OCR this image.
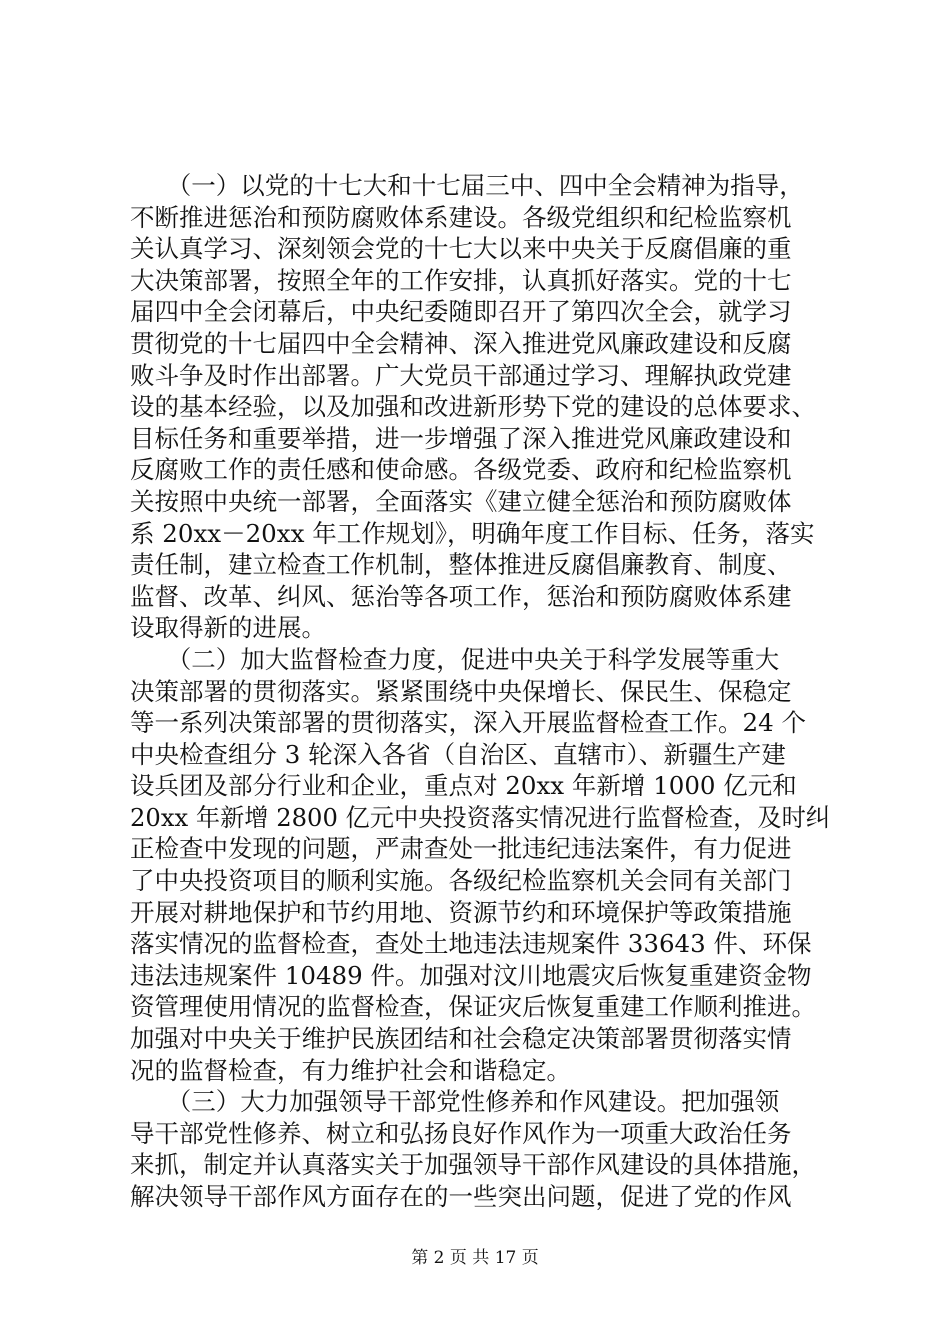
　　（一）以党的十七大和十七届三中、四中全会精神为指导，
不断推进惩治和预防腐败体系建设。各级党组织和纪检监察机
关认真学习、深刻领会党的十七大以来中央关于反腐倡廉的重
大决策部署，按照全年的工作安排，认真抓好落实。党的十七
届四中全会闭幕后，中央纪委随即召开了第四次全会，就学习
贯彻党的十七届四中全会精神、深入推进党风廉政建设和反腐
败斗争及时作出部署。广大党员干部通过学习、理解执政党建
设的基本经验，以及加强和改进新形势下党的建设的总体要求、
目标任务和重要举措，进一步增强了深入推进党风廉政建设和
反腐败工作的责任感和使命感。各级党委、政府和纪检监察机
关按照中央统一部署，全面落实《建立健全惩治和预防腐败体
系 20xx－20xx 年工作规划》，明确年度工作目标、任务，落实
责任制，建立检查工作机制，整体推进反腐倡廉教育、制度、
监督、改革、纠风、惩治等各项工作，惩治和预防腐败体系建
设取得新的进展。
　　（二）加大监督检查力度，促进中央关于科学发展等重大
决策部署的贯彻落实。紧紧围绕中央保增长、保民生、保稳定
等一系列决策部署的贯彻落实，深入开展监督检查工作。24 个
中央检查组分 3 轮深入各省（自治区、直辖市）、新疆生产建
设兵团及部分行业和企业，重点对 20xx 年新增 1000 亿元和
20xx 年新增 2800 亿元中央投资落实情况进行监督检查，及时纠
正检查中发现的问题，严肃查处一批违纪违法案件，有力促进
了中央投资项目的顺利实施。各级纪检监察机关会同有关部门
开展对耕地保护和节约用地、资源节约和环境保护等政策措施
落实情况的监督检查，查处土地违法违规案件 33643 件、环保
违法违规案件 10489 件。加强对汶川地震灾后恢复重建资金物
资管理使用情况的监督检查，保证灾后恢复重建工作顺利推进。
加强对中央关于维护民族团结和社会稳定决策部署贯彻落实情
况的监督检查，有力维护社会和谐稳定。
　　（三）大力加强领导干部党性修养和作风建设。把加强领
导干部党性修养、树立和弘扬良好作风作为一项重大政治任务
来抓，制定并认真落实关于加强领导干部作风建设的具体措施，
解决领导干部作风方面存在的一些突出问题，促进了党的作风
第 2 页 共 17 页
